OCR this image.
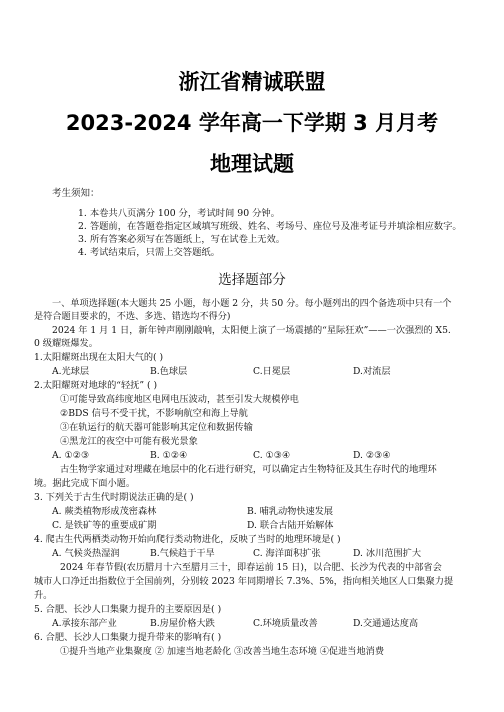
浙江省精诚联盟
2023-2024 学年高一下学期 3 月月考
地理试题
考生须知：
1. 本卷共八页满分 100 分，考试时间 90 分钟。
2. 答题前，在答题卷指定区域填写班级、姓名、考场号、座位号及准考证号并填涂相应数字。
3. 所有答案必须写在答题纸上，写在试卷上无效。
4. 考试结束后，只需上交答题纸。
选择题部分
一、单项选择题(本大题共 25 小题，每小题 2 分，共 50 分。每小题列出的四个备选项中只有一个
是符合题目要求的，不选、多选、错选均不得分)
2024 年 1 月 1 日，新年钟声刚刚敲响，太阳便上演了一场震撼的“星际狂欢”——一次强烈的 X5.
0 级耀斑爆发。
1.太阳耀斑出现在太阳大气的( )
A.光球层	B.色球层	C.日冕层	D.对流层
2.太阳耀斑对地球的“轻抚” ( )
①可能导致高纬度地区电网电压波动，甚至引发大规模停电
②BDS 信号不受干扰，不影响航空和海上导航
③在轨运行的航天器可能影响其定位和数据传输
④黑龙江的夜空中可能有极光景象
A. ①②③	B. ①②④	C. ①③④	D. ②③④
古生物学家通过对埋藏在地层中的化石进行研究，可以确定古生物特征及其生存时代的地理环
境。据此完成下面小题。
3. 下列关于古生代时期说法正确的是( )
A. 蕨类植物形成茂密森林	B. 哺乳动物快速发展
C. 是铁矿等的重要成矿期	D. 联合古陆开始解体
4. 爬古生代两栖类动物开始向爬行类动物进化，反映了当时的地理环境是( )
A. 气候炎热湿润	B.气候趋于干旱	C. 海洋面积扩张	D. 冰川范围扩大
2024 年春节假(农历腊月十六至腊月三十，即春运前 15 日)，以合肥、长沙为代表的中部省会
城市人口净迁出指数位于全国前列，分别较 2023 年同期增长 7.3%、5%，指向相关地区人口集聚力提
升。
5. 合肥、长沙人口集聚力提升的主要原因是( )
A.承接东部产业	B.房屋价格大跌	C.环境质量改善	D.交通通达度高
6. 合肥、长沙人口集聚力提升带来的影响有( )
①提升当地产业集聚度 ② 加速当地老龄化 ③改善当地生态环境 ④促进当地消费
